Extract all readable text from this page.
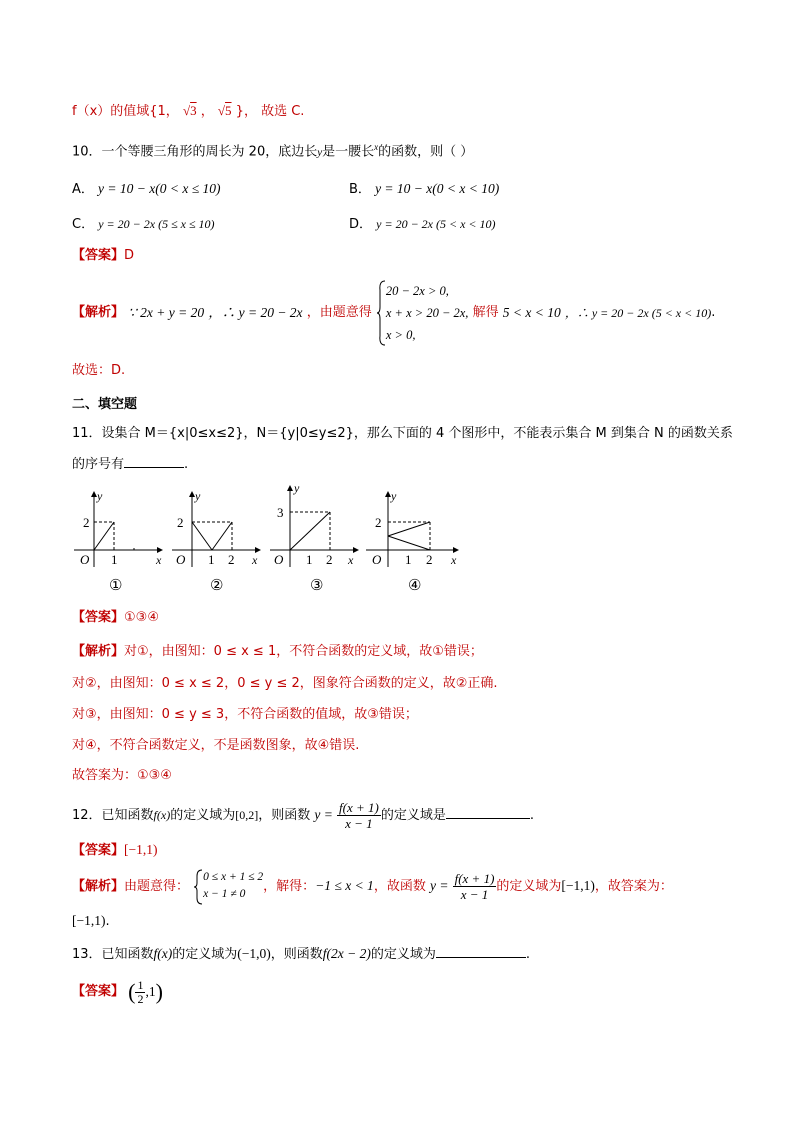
f（x）的值域{1， √3 ， √5 }， 故选 C.
10．一个等腰三角形的周长为 20，底边长y是一腰长$^x$的函数，则（ ）
A． y = 10 − x(0 < x ≤ 10)	B． y = 10 − x(0 < x < 10)
C． y = 20 − 2x (5 ≤ x ≤ 10)	D． y = 20 − 2x (5 < x < 10)
【答案】D
【解析】 ∵ 2x + y = 20 ，∴ y = 20 − 2x ，由题意得
20 − 2x > 0,
x + x > 20 − 2x,
x > 0,
解得 5 < x < 10 ，∴ y = 20 − 2x (5 < x < 10).
故选：D.
二、填空题
11．设集合 M＝{x|0≤x≤2}，N＝{y|0≤y≤2}，那么下面的 4 个图形中，不能表示集合 M 到集合 N 的函数关系
的序号有	.
y
x
O
2
1
①
y
x
O
2
1 2
②
y
x
O
3
1 2
③
y
x
O
2
1 2
④
【答案】①③④
【解析】对①，由图知：0 ≤ x ≤ 1，不符合函数的定义域，故①错误；
对②，由图知：0 ≤ x ≤ 2，0 ≤ y ≤ 2，图象符合函数的定义，故②正确.
对③，由图知：0 ≤ y ≤ 3，不符合函数的值域，故③错误；
对④，不符合函数定义，不是函数图象，故④错误.
故答案为：①③④
12．已知函数f(x)的定义域为[0,2]，则函数 $y = \frac{f(x + 1)}{x - 1}$ 的定义域是	.
【答案】[−1,1)
【解析】由题意得：
0 ≤ x + 1 ≤ 2
x − 1 ≠ 0	，解得：−1 ≤ x < 1，故函数 $y = \frac{f(x + 1)}{x - 1}$ 的定义域为[−1,1)，故答案为：
[−1,1).
13．已知函数f(x)的定义域为(−1,0)，则函数f(2x − 2)的定义域为	.
【答案】 ( $\frac{1}{2} ,1$)
